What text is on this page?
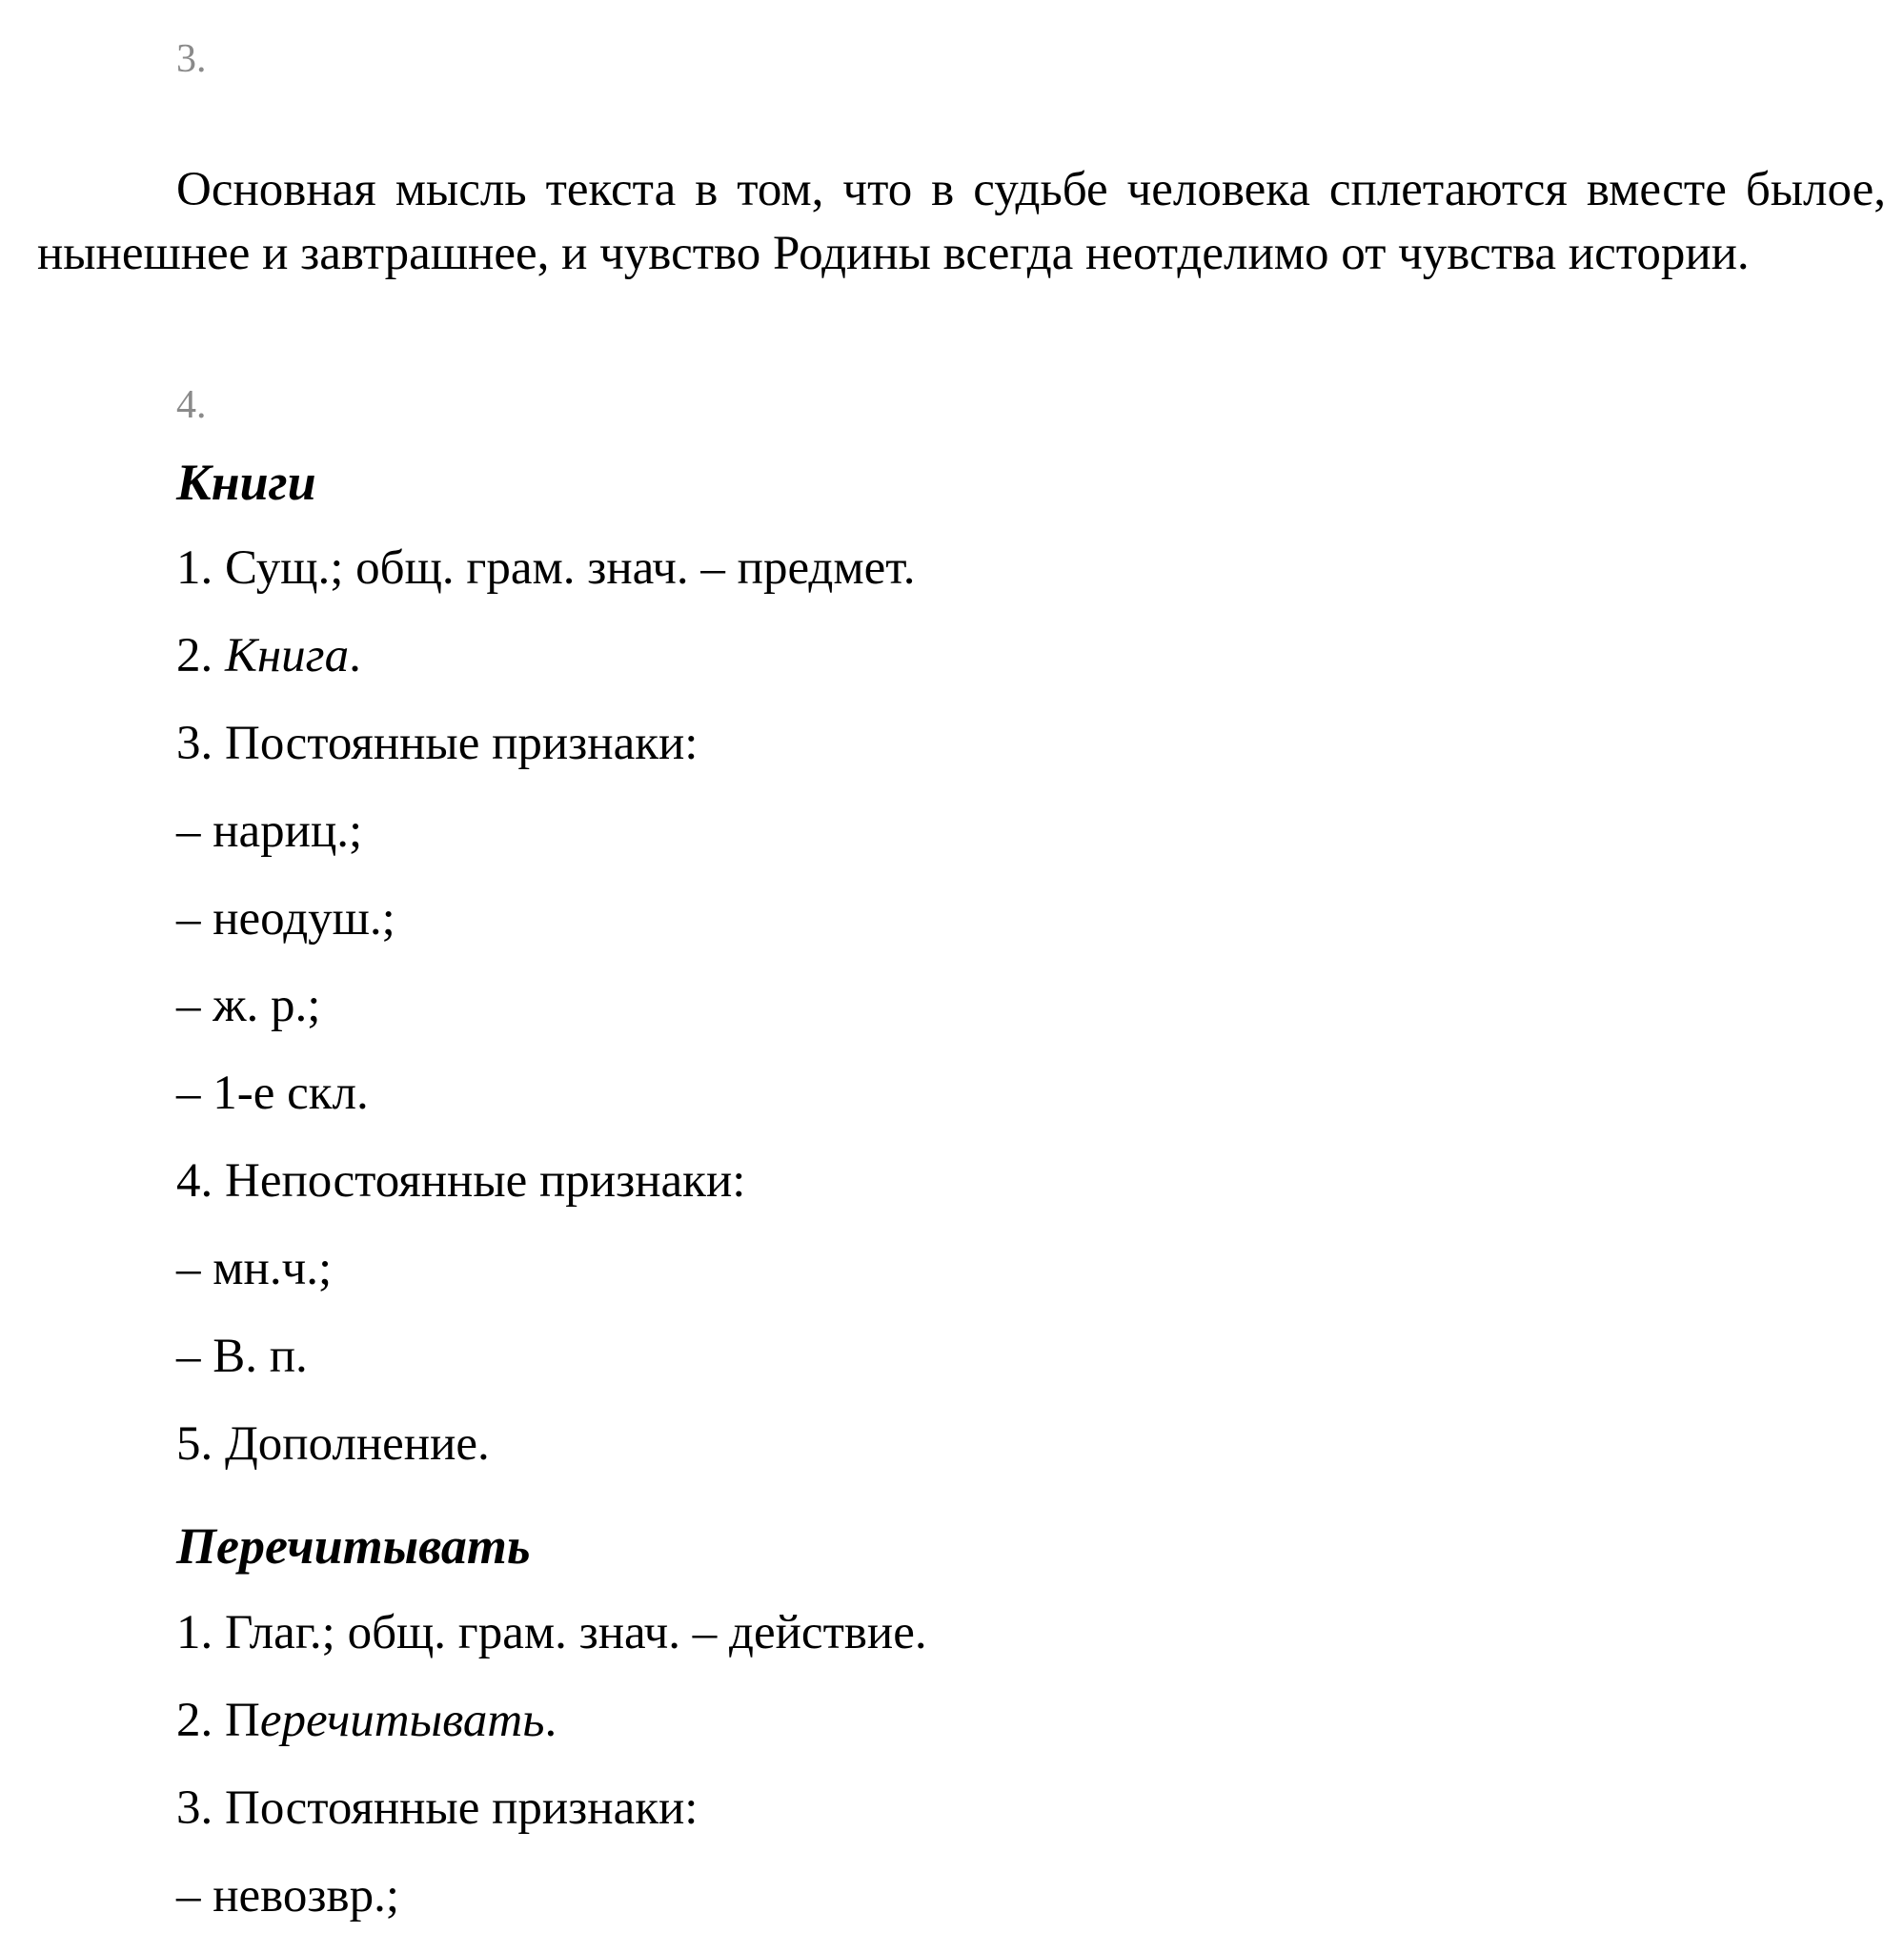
3.
Основная мысль текста в том, что в судьбе человека сплетаются вместе былое, нынешнее и завтрашнее, и чувство Родины всегда неотделимо от чувства истории.
4.
Книги
1. Сущ.; общ. грам. знач. – предмет.
2. Книга.
3. Постоянные признаки:
– нариц.;
– неодуш.;
– ж. р.;
– 1-е скл.
4. Непостоянные признаки:
– мн.ч.;
– В. п.
5. Дополнение.
Перечитывать
1. Глаг.; общ. грам. знач. – действие.
2. Перечитывать.
3. Постоянные признаки:
– невозвр.;
